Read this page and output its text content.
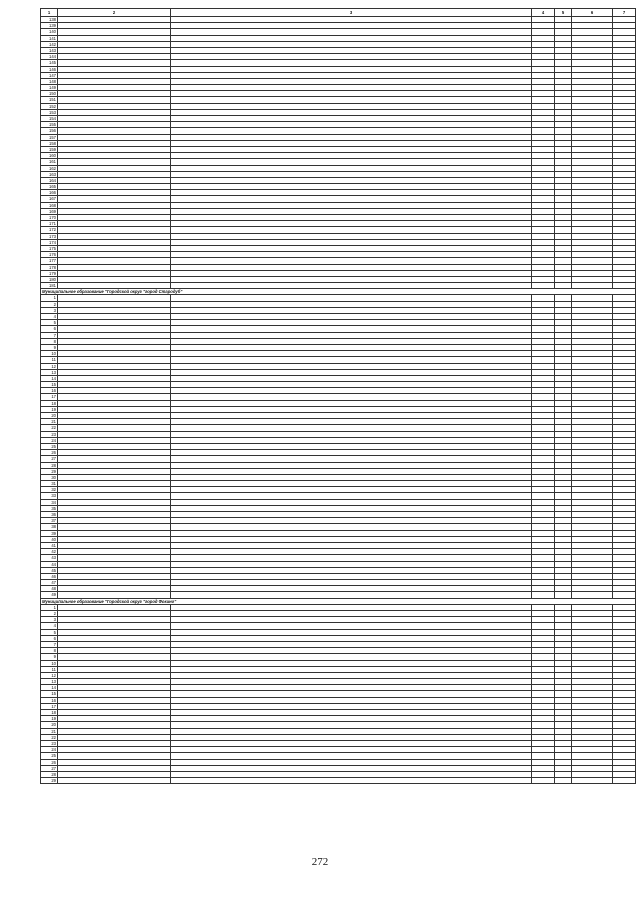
1	2	3	4	5	6	7
138						
139						
140						
141						
142						
143						
144						
145						
146						
147						
148						
149						
150						
151						
152						
153						
154						
155						
156						
157						
158						
159						
160						
161						
162						
163						
164						
165						
166						
167						
168						
169						
170						
171						
172						
173						
174						
175						
176						
177						
178						
179						
180						
181						
Муниципальное образование "Городской округ "город Стародуб"						
1						
2						
3						
4						
5						
6						
7						
8						
9						
10						
11						
12						
13						
14						
15						
16						
17						
18						
19						
20						
21						
22						
23						
24						
25						
26						
27						
28						
29						
30						
31						
32						
33						
34						
35						
36						
37						
38						
39						
40						
41						
42						
43						
44						
45						
46						
47						
48						
49						
Муниципальное образование "Городской округ "город Фокино"						
1						
2						
3						
4						
5						
6						
7						
8						
9						
10						
11						
12						
13						
14						
15						
16						
17						
18						
19						
20						
21						
22						
23						
24						
25						
26						
27						
28						
29						
272
